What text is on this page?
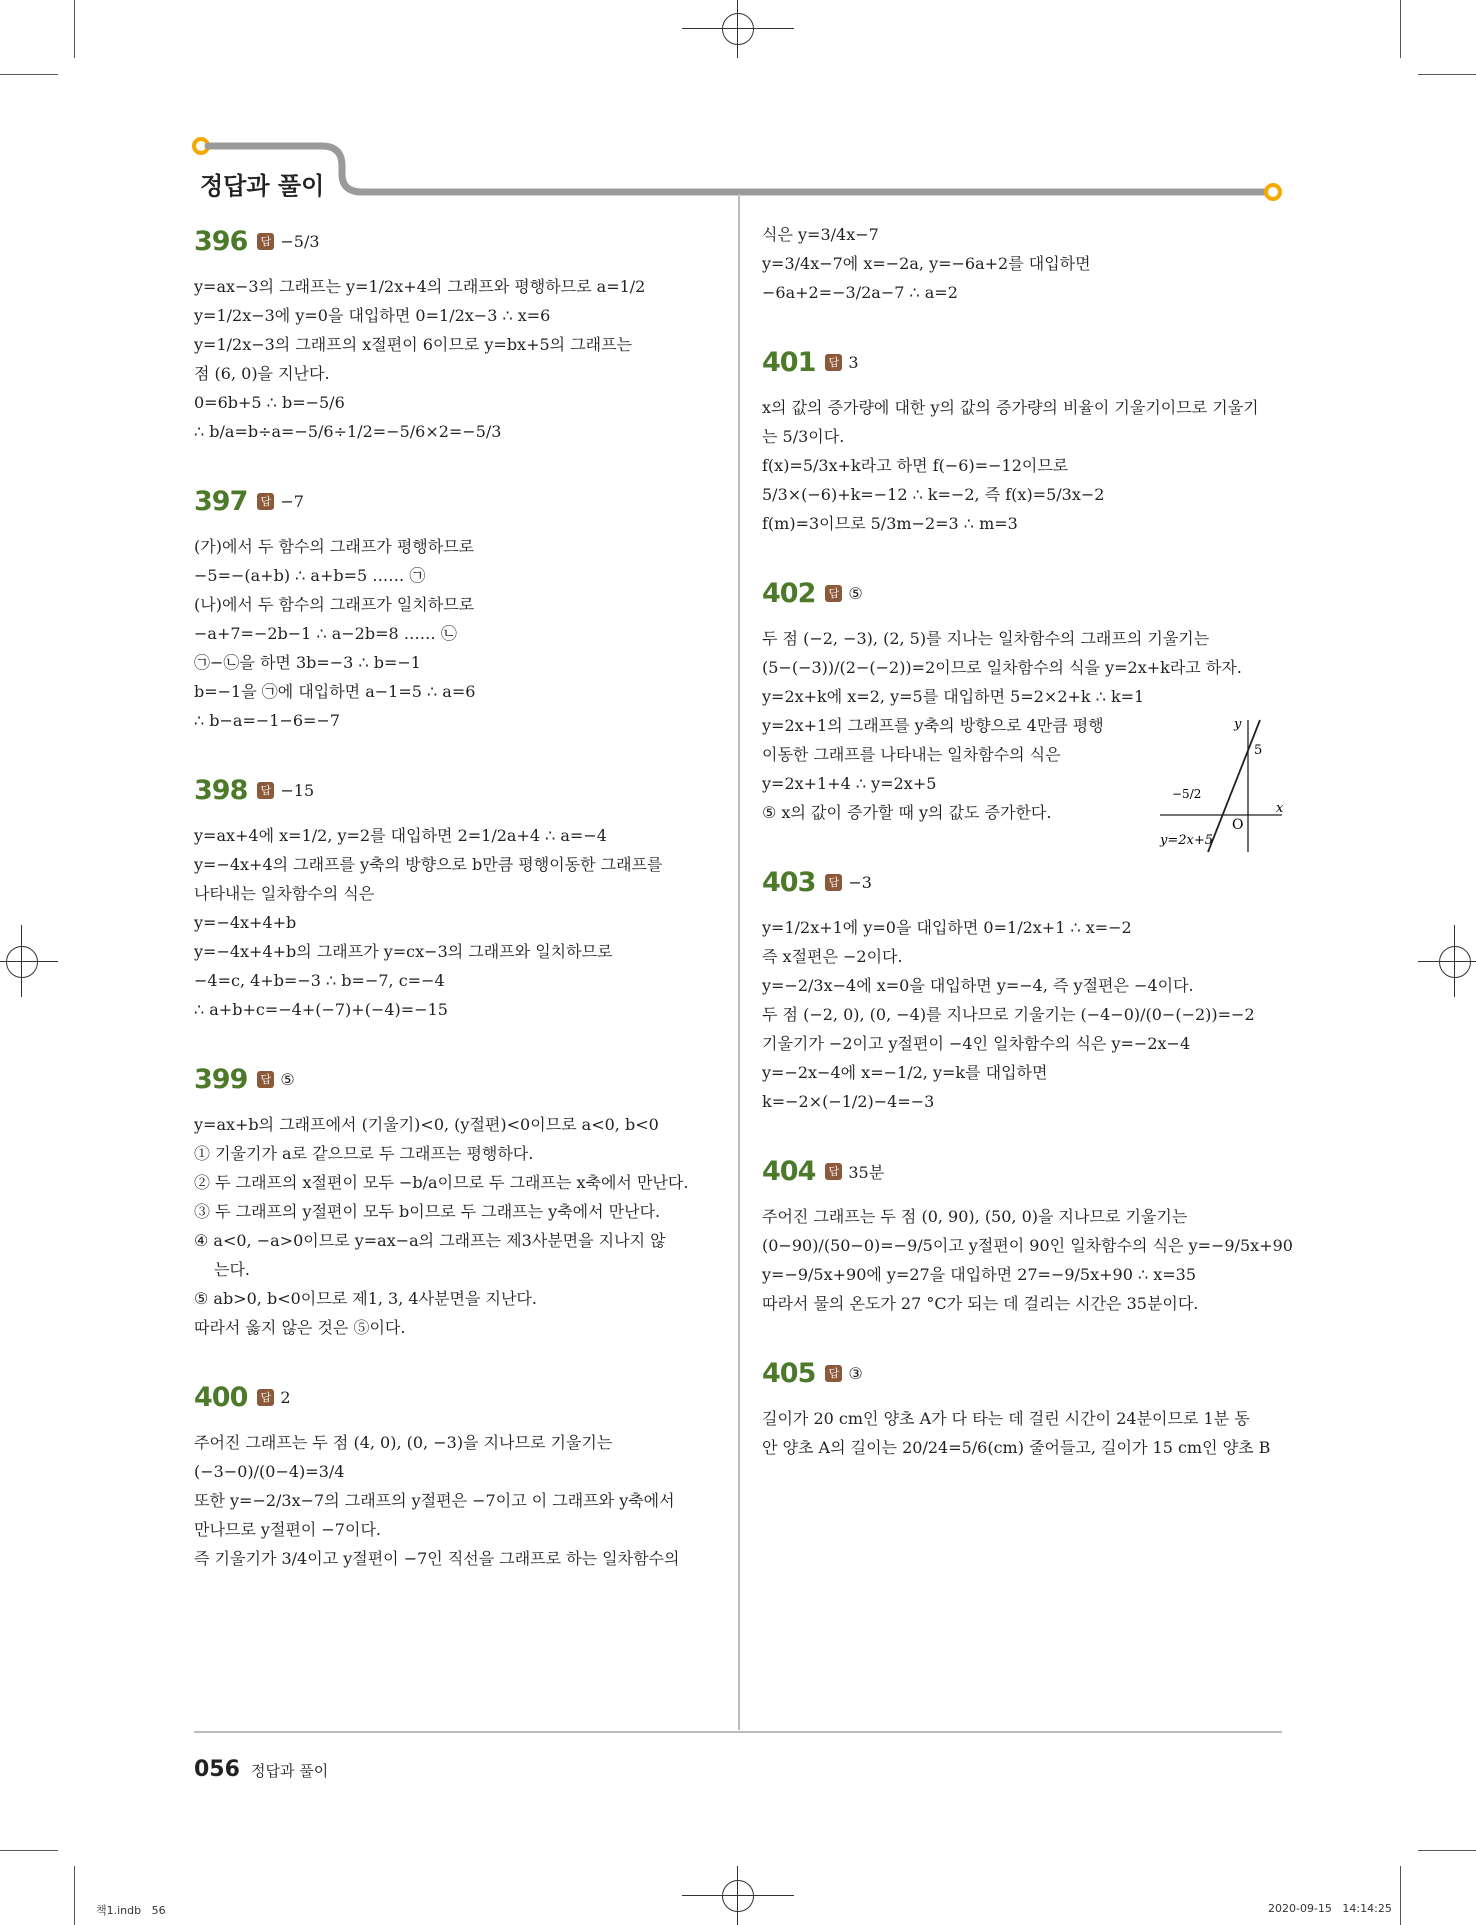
정답과 풀이
396 답 −5/3
y=ax−3의 그래프는 y=1/2x+4의 그래프와 평행하므로 a=1/2
y=1/2x−3에 y=0을 대입하면 0=1/2x−3 ∴ x=6
y=1/2x−3의 그래프의 x절편이 6이므로 y=bx+5의 그래프는
점 (6, 0)을 지난다.
0=6b+5 ∴ b=−5/6
∴ b/a=b÷a=−5/6÷1/2=−5/6×2=−5/3
397 답 −7
(가)에서 두 함수의 그래프가 평행하므로
−5=−(a+b) ∴ a+b=5 …… ㉠
(나)에서 두 함수의 그래프가 일치하므로
−a+7=−2b−1 ∴ a−2b=8 …… ㉡
㉠−㉡을 하면 3b=−3 ∴ b=−1
b=−1을 ㉠에 대입하면 a−1=5 ∴ a=6
∴ b−a=−1−6=−7
398 답 −15
y=ax+4에 x=1/2, y=2를 대입하면 2=1/2a+4 ∴ a=−4
y=−4x+4의 그래프를 y축의 방향으로 b만큼 평행이동한 그래프를
나타내는 일차함수의 식은
y=−4x+4+b
y=−4x+4+b의 그래프가 y=cx−3의 그래프와 일치하므로
−4=c, 4+b=−3 ∴ b=−7, c=−4
∴ a+b+c=−4+(−7)+(−4)=−15
399 답 ⑤
y=ax+b의 그래프에서 (기울기)<0, (y절편)<0이므로 a<0, b<0
① 기울기가 a로 같으므로 두 그래프는 평행하다.
② 두 그래프의 x절편이 모두 −b/a이므로 두 그래프는 x축에서 만난다.
③ 두 그래프의 y절편이 모두 b이므로 두 그래프는 y축에서 만난다.
④ a<0, −a>0이므로 y=ax−a의 그래프는 제3사분면을 지나지 않
는다.
⑤ ab>0, b<0이므로 제1, 3, 4사분면을 지난다.
따라서 옳지 않은 것은 ⑤이다.
400 답 2
주어진 그래프는 두 점 (4, 0), (0, −3)을 지나므로 기울기는
(−3−0)/(0−4)=3/4
또한 y=−2/3x−7의 그래프의 y절편은 −7이고 이 그래프와 y축에서
만나므로 y절편이 −7이다.
즉 기울기가 3/4이고 y절편이 −7인 직선을 그래프로 하는 일차함수의
식은 y=3/4x−7
y=3/4x−7에 x=−2a, y=−6a+2를 대입하면
−6a+2=−3/2a−7 ∴ a=2
401 답 3
x의 값의 증가량에 대한 y의 값의 증가량의 비율이 기울기이므로 기울기
는 5/3이다.
f(x)=5/3x+k라고 하면 f(−6)=−12이므로
5/3×(−6)+k=−12 ∴ k=−2, 즉 f(x)=5/3x−2
f(m)=3이므로 5/3m−2=3 ∴ m=3
402 답 ⑤
두 점 (−2, −3), (2, 5)를 지나는 일차함수의 그래프의 기울기는
(5−(−3))/(2−(−2))=2이므로 일차함수의 식을 y=2x+k라고 하자.
y=2x+k에 x=2, y=5를 대입하면 5=2×2+k ∴ k=1
y=2x+1의 그래프를 y축의 방향으로 4만큼 평행
이동한 그래프를 나타내는 일차함수의 식은
y=2x+1+4 ∴ y=2x+5
⑤ x의 값이 증가할 때 y의 값도 증가한다.
y
x
O
5
−5/2
y=2x+5
403 답 −3
y=1/2x+1에 y=0을 대입하면 0=1/2x+1 ∴ x=−2
즉 x절편은 −2이다.
y=−2/3x−4에 x=0을 대입하면 y=−4, 즉 y절편은 −4이다.
두 점 (−2, 0), (0, −4)를 지나므로 기울기는 (−4−0)/(0−(−2))=−2
기울기가 −2이고 y절편이 −4인 일차함수의 식은 y=−2x−4
y=−2x−4에 x=−1/2, y=k를 대입하면
k=−2×(−1/2)−4=−3
404 답 35분
주어진 그래프는 두 점 (0, 90), (50, 0)을 지나므로 기울기는
(0−90)/(50−0)=−9/5이고 y절편이 90인 일차함수의 식은 y=−9/5x+90
y=−9/5x+90에 y=27을 대입하면 27=−9/5x+90 ∴ x=35
따라서 물의 온도가 27 °C가 되는 데 걸리는 시간은 35분이다.
405 답 ③
길이가 20 cm인 양초 A가 다 타는 데 걸린 시간이 24분이므로 1분 동
안 양초 A의 길이는 20/24=5/6(cm) 줄어들고, 길이가 15 cm인 양초 B
056 정답과 풀이
책1.indb   56	2020-09-15   14:14:25
